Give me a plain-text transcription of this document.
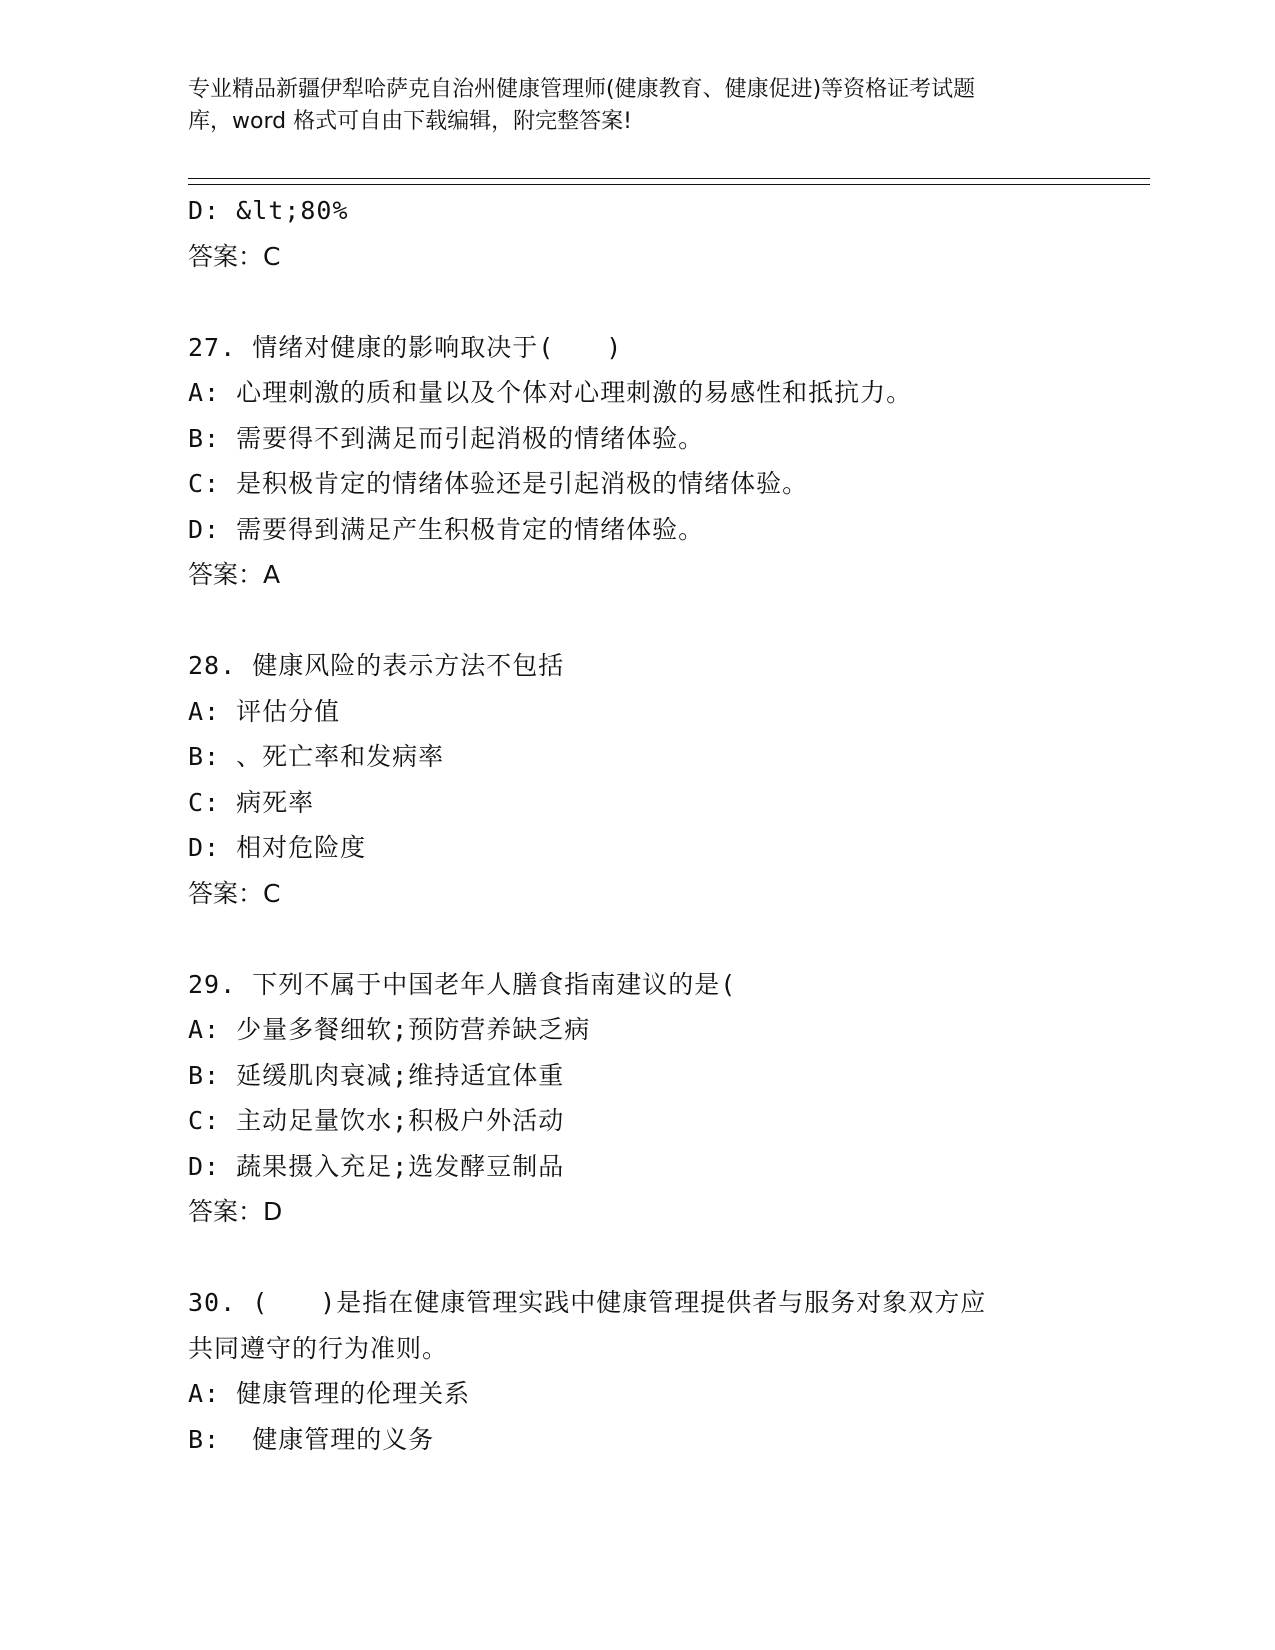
专业精品新疆伊犁哈萨克自治州健康管理师(健康教育、健康促进)等资格证考试题
库，word 格式可自由下载编辑，附完整答案!
D: &lt;80%
答案：C
27. 情绪对健康的影响取决于(　　)
A: 心理刺激的质和量以及个体对心理刺激的易感性和抵抗力。
B: 需要得不到满足而引起消极的情绪体验。
C: 是积极肯定的情绪体验还是引起消极的情绪体验。
D: 需要得到满足产生积极肯定的情绪体验。
答案：A
28. 健康风险的表示方法不包括
A: 评估分值
B: 、死亡率和发病率
C: 病死率
D: 相对危险度
答案：C
29. 下列不属于中国老年人膳食指南建议的是(
A: 少量多餐细软;预防营养缺乏病
B: 延缓肌肉衰减;维持适宜体重
C: 主动足量饮水;积极户外活动
D: 蔬果摄入充足;选发酵豆制品
答案：D
30. (　　)是指在健康管理实践中健康管理提供者与服务对象双方应
共同遵守的行为准则。
A: 健康管理的伦理关系
B:  健康管理的义务
